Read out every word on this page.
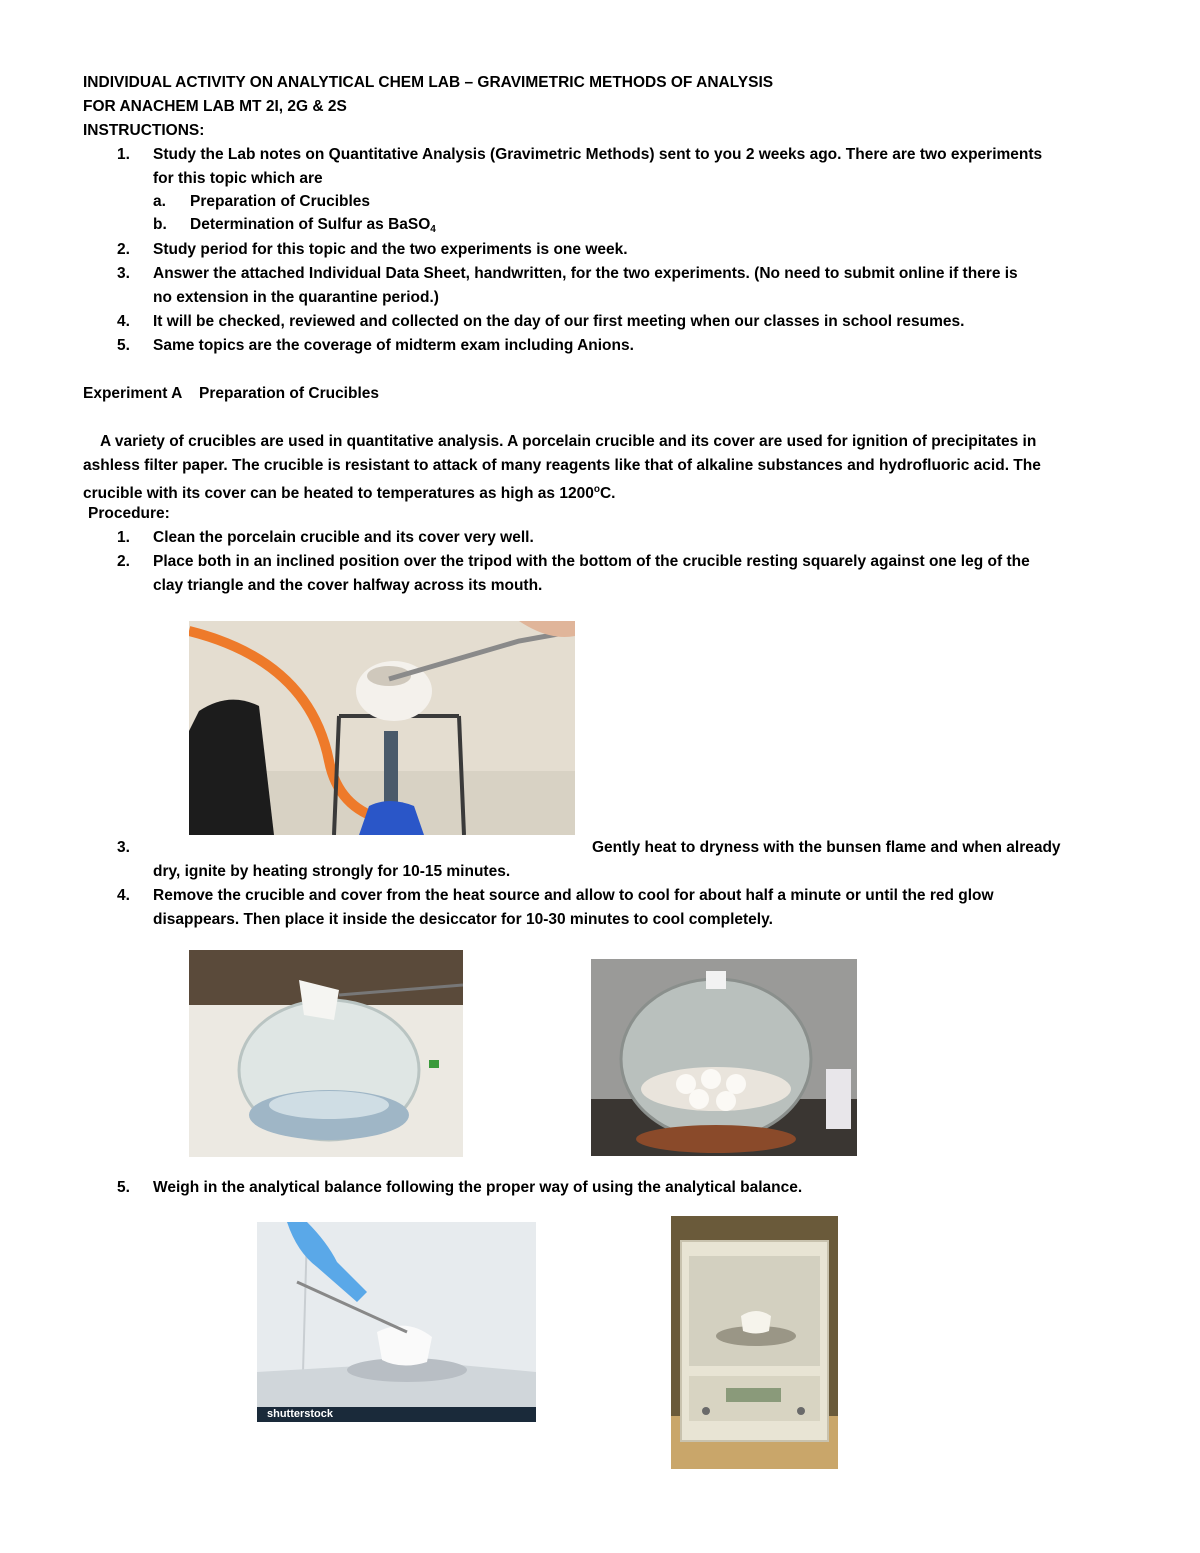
INDIVIDUAL ACTIVITY ON ANALYTICAL CHEM LAB – GRAVIMETRIC METHODS OF ANALYSIS
FOR ANACHEM LAB MT 2I, 2G & 2S
INSTRUCTIONS:
1. Study the Lab notes on Quantitative Analysis (Gravimetric Methods) sent to you 2 weeks ago. There are two experiments
for this topic which are
a. Preparation of Crucibles
b. Determination of Sulfur as BaSO$_4$
2. Study period for this topic and the two experiments is one week.
3. Answer the attached Individual Data Sheet, handwritten, for the two experiments. (No need to submit online if there is
no extension in the quarantine period.)
4. It will be checked, reviewed and collected on the day of our first meeting when our classes in school resumes.
5. Same topics are the coverage of midterm exam including Anions.
Experiment A    Preparation of Crucibles
A variety of crucibles are used in quantitative analysis. A porcelain crucible and its cover are used for ignition of precipitates in
ashless filter paper. The crucible is resistant to attack of many reagents like that of alkaline substances and hydrofluoric acid. The
crucible with its cover can be heated to temperatures as high as 1200$^o$C.
Procedure:
1. Clean the porcelain crucible and its cover very well.
2. Place both in an inclined position over the tripod with the bottom of the crucible resting squarely against one leg of the
clay triangle and the cover halfway across its mouth.
3.	Gently heat to dryness with the bunsen flame and when already
dry, ignite by heating strongly for 10-15 minutes.
4. Remove the crucible and cover from the heat source and allow to cool for about half a minute or until the red glow
disappears. Then place it inside the desiccator for 10-30 minutes to cool completely.
5. Weigh in the analytical balance following the proper way of using the analytical balance.
shutterstock
